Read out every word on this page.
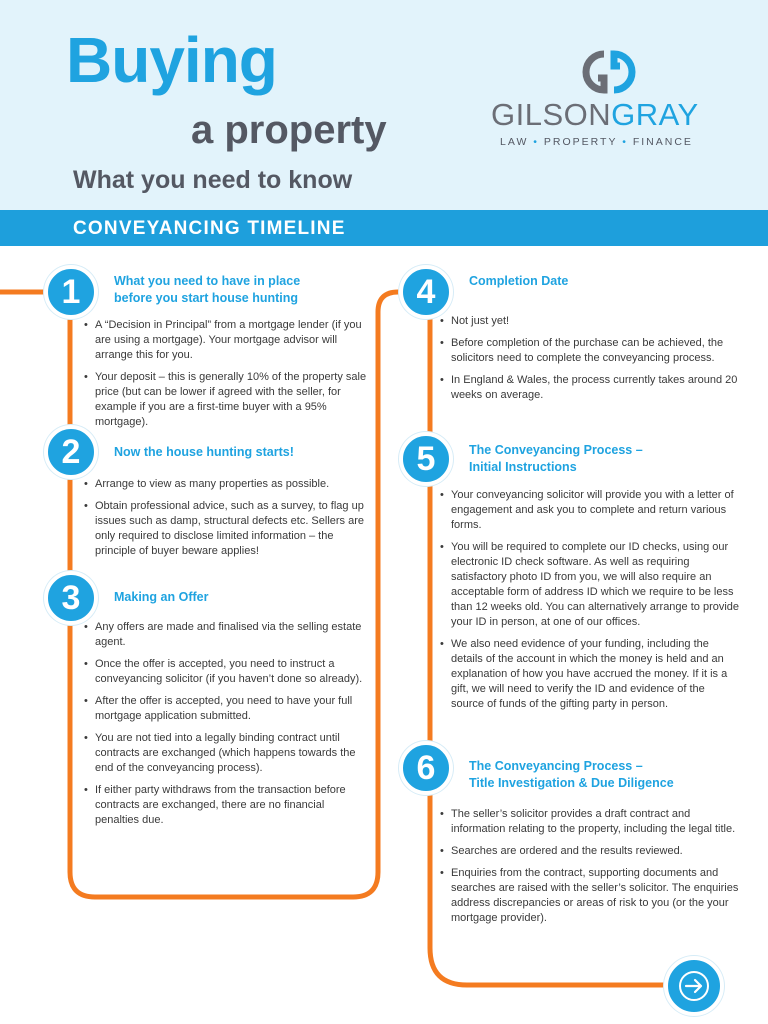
Buying
a property
What you need to know
GILSONGRAY
LAW • PROPERTY • FINANCE
CONVEYANCING TIMELINE
1	What you need to have in place
before you start house hunting
• A “Decision in Principal” from a mortgage lender (if you are using a mortgage). Your mortgage advisor will arrange this for you.
• Your deposit – this is generally 10% of the property sale price (but can be lower if agreed with the seller, for example if you are a first-time buyer with a 95% mortgage).
2	Now the house hunting starts!
• Arrange to view as many properties as possible.
• Obtain professional advice, such as a survey, to flag up issues such as damp, structural defects etc. Sellers are only required to disclose limited information – the principle of buyer beware applies!
3	Making an Offer
• Any offers are made and finalised via the selling estate agent.
• Once the offer is accepted, you need to instruct a conveyancing solicitor (if you haven’t done so already).
• After the offer is accepted, you need to have your full mortgage application submitted.
• You are not tied into a legally binding contract until contracts are exchanged (which happens towards the end of the conveyancing process).
• If either party withdraws from the transaction before contracts are exchanged, there are no financial penalties due.
4	Completion Date
• Not just yet!
• Before completion of the purchase can be achieved, the solicitors need to complete the conveyancing process.
• In England & Wales, the process currently takes around 20 weeks on average.
5	The Conveyancing Process –
Initial Instructions
• Your conveyancing solicitor will provide you with a letter of engagement and ask you to complete and return various forms.
• You will be required to complete our ID checks, using our electronic ID check software. As well as requiring satisfactory photo ID from you, we will also require an acceptable form of address ID which we require to be less than 12 weeks old. You can alternatively arrange to provide your ID in person, at one of our offices.
• We also need evidence of your funding, including the details of the account in which the money is held and an explanation of how you have accrued the money. If it is a gift, we will need to verify the ID and evidence of the source of funds of the gifting party in person.
6	The Conveyancing Process –
Title Investigation & Due Diligence
• The seller’s solicitor provides a draft contract and information relating to the property, including the legal title.
• Searches are ordered and the results reviewed.
• Enquiries from the contract, supporting documents and searches are raised with the seller’s solicitor. The enquiries address discrepancies or areas of risk to you (or the your mortgage provider).
